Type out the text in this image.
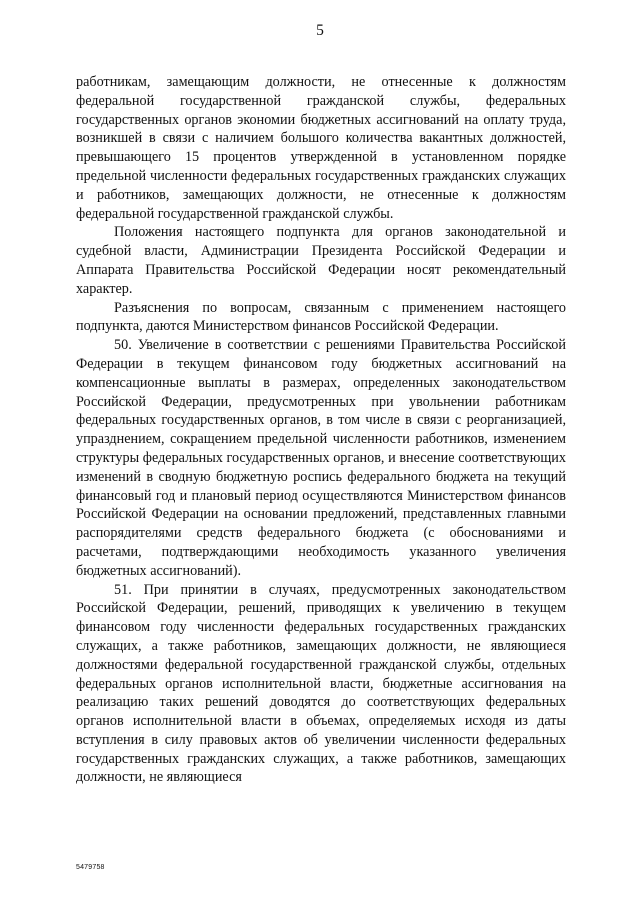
5

работникам, замещающим должности, не отнесенные к должностям федеральной государственной гражданской службы, федеральных государственных органов экономии бюджетных ассигнований на оплату труда, возникшей в связи с наличием большого количества вакантных должностей, превышающего 15 процентов утвержденной в установленном порядке предельной численности федеральных государственных гражданских служащих и работников, замещающих должности, не отнесенные к должностям федеральной государственной гражданской службы.

Положения настоящего подпункта для органов законодательной и судебной власти, Администрации Президента Российской Федерации и Аппарата Правительства Российской Федерации носят рекомендательный характер.

Разъяснения по вопросам, связанным с применением настоящего подпункта, даются Министерством финансов Российской Федерации.

50. Увеличение в соответствии с решениями Правительства Российской Федерации в текущем финансовом году бюджетных ассигнований на компенсационные выплаты в размерах, определенных законодательством Российской Федерации, предусмотренных при увольнении работникам федеральных государственных органов, в том числе в связи с реорганизацией, упразднением, сокращением предельной численности работников, изменением структуры федеральных государственных органов, и внесение соответствующих изменений в сводную бюджетную роспись федерального бюджета на текущий финансовый год и плановый период осуществляются Министерством финансов Российской Федерации на основании предложений, представленных главными распорядителями средств федерального бюджета (с обоснованиями и расчетами, подтверждающими необходимость указанного увеличения бюджетных ассигнований).

51. При принятии в случаях, предусмотренных законодательством Российской Федерации, решений, приводящих к увеличению в текущем финансовом году численности федеральных государственных гражданских служащих, а также работников, замещающих должности, не являющиеся должностями федеральной государственной гражданской службы, отдельных федеральных органов исполнительной власти, бюджетные ассигнования на реализацию таких решений доводятся до соответствующих федеральных органов исполнительной власти в объемах, определяемых исходя из даты вступления в силу правовых актов об увеличении численности федеральных государственных гражданских служащих, а также работников, замещающих должности, не являющиеся

5479758
